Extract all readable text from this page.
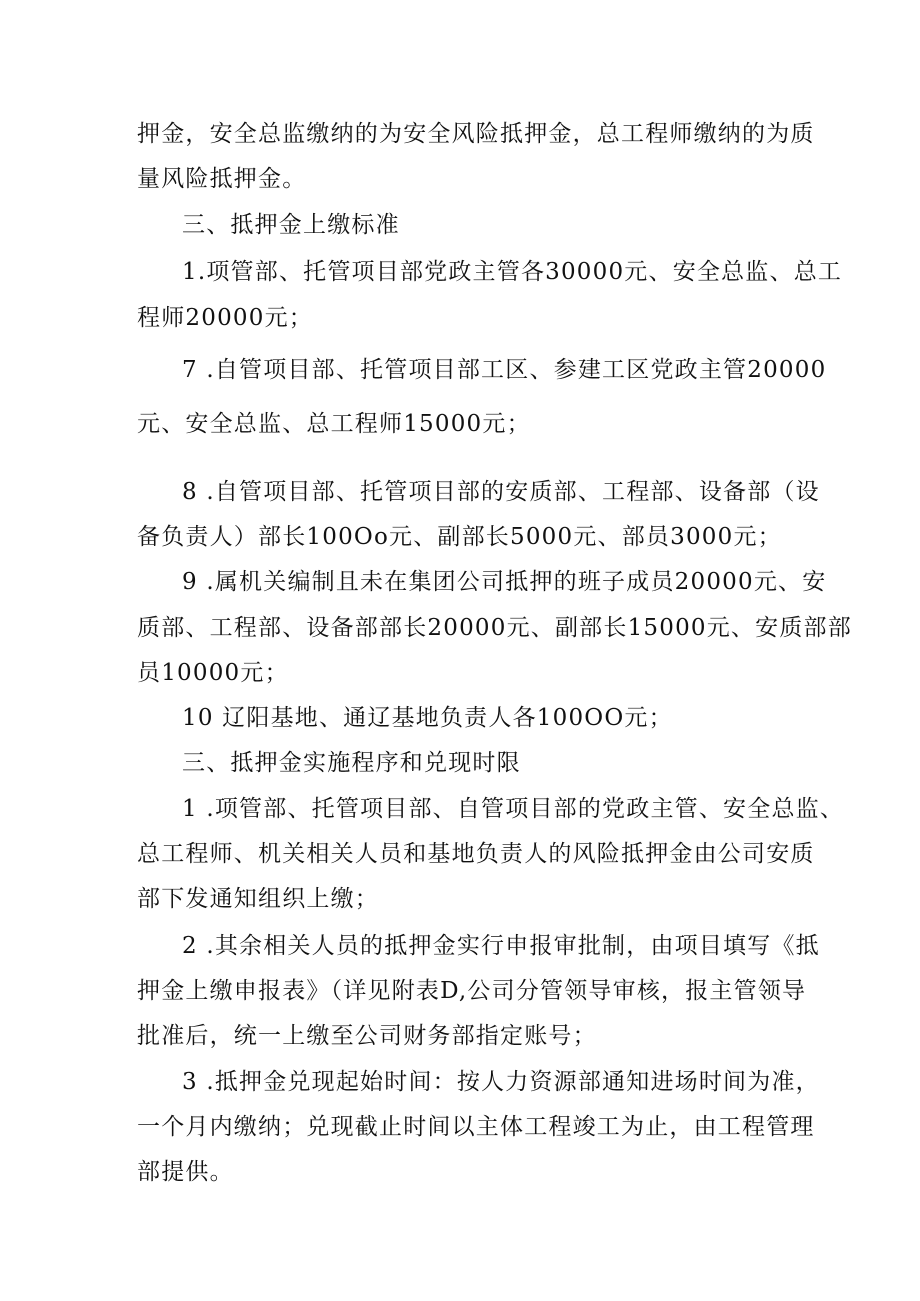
押金，安全总监缴纳的为安全风险抵押金，总工程师缴纳的为质
量风险抵押金。
三、抵押金上缴标准
1.项管部、托管项目部党政主管各30000元、安全总监、总工
程师20000元；
7 .自管项目部、托管项目部工区、参建工区党政主管20000
元、安全总监、总工程师15000元；
8 .自管项目部、托管项目部的安质部、工程部、设备部（设
备负责人）部长100Oo元、副部长5000元、部员3000元；
9 .属机关编制且未在集团公司抵押的班子成员20000元、安
质部、工程部、设备部部长20000元、副部长15000元、安质部部
员10000元；
10 辽阳基地、通辽基地负责人各100OO元；
三、抵押金实施程序和兑现时限
1 .项管部、托管项目部、自管项目部的党政主管、安全总监、
总工程师、机关相关人员和基地负责人的风险抵押金由公司安质
部下发通知组织上缴；
2 .其余相关人员的抵押金实行申报审批制，由项目填写《抵
押金上缴申报表》（详见附表D,公司分管领导审核，报主管领导
批准后，统一上缴至公司财务部指定账号；
3 .抵押金兑现起始时间：按人力资源部通知进场时间为准，
一个月内缴纳；兑现截止时间以主体工程竣工为止，由工程管理
部提供。
